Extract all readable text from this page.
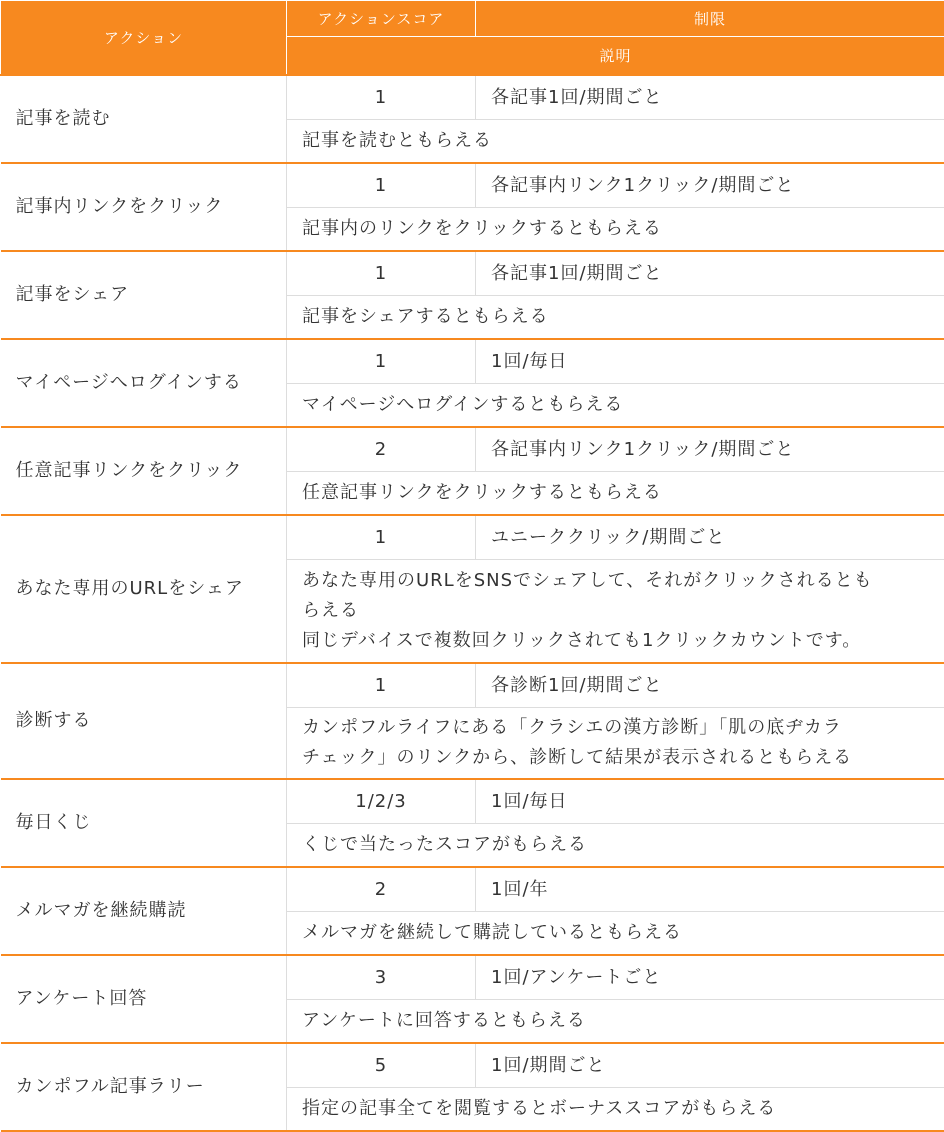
アクション	アクションスコア	制限
	説明	
記事を読む	1	各記事1回/期間ごと
	記事を読むともらえる	
記事内リンクをクリック	1	各記事内リンク1クリック/期間ごと
	記事内のリンクをクリックするともらえる	
記事をシェア	1	各記事1回/期間ごと
	記事をシェアするともらえる	
マイページへログインする	1	1回/毎日
	マイページへログインするともらえる	
任意記事リンクをクリック	2	各記事内リンク1クリック/期間ごと
	任意記事リンクをクリックするともらえる	
あなた専用のURLをシェア	1	ユニーククリック/期間ごと

	あなた専用のURLをSNSでシェアして、それがクリックされるとも
らえる
同じデバイスで複数回クリックされても1クリックカウントです。	

診断する	1	各診断1回/期間ごと

	カンポフルライフにある「クラシエの漢方診断」「肌の底ヂカラ
チェック」のリンクから、診断して結果が表示されるともらえる	

毎日くじ	1/2/3	1回/毎日
	くじで当たったスコアがもらえる	
メルマガを継続購読	2	1回/年
	メルマガを継続して購読しているともらえる	
アンケート回答	3	1回/アンケートごと
	アンケートに回答するともらえる	
カンポフル記事ラリー	5	1回/期間ごと
	指定の記事全てを閲覧するとボーナススコアがもらえる	
